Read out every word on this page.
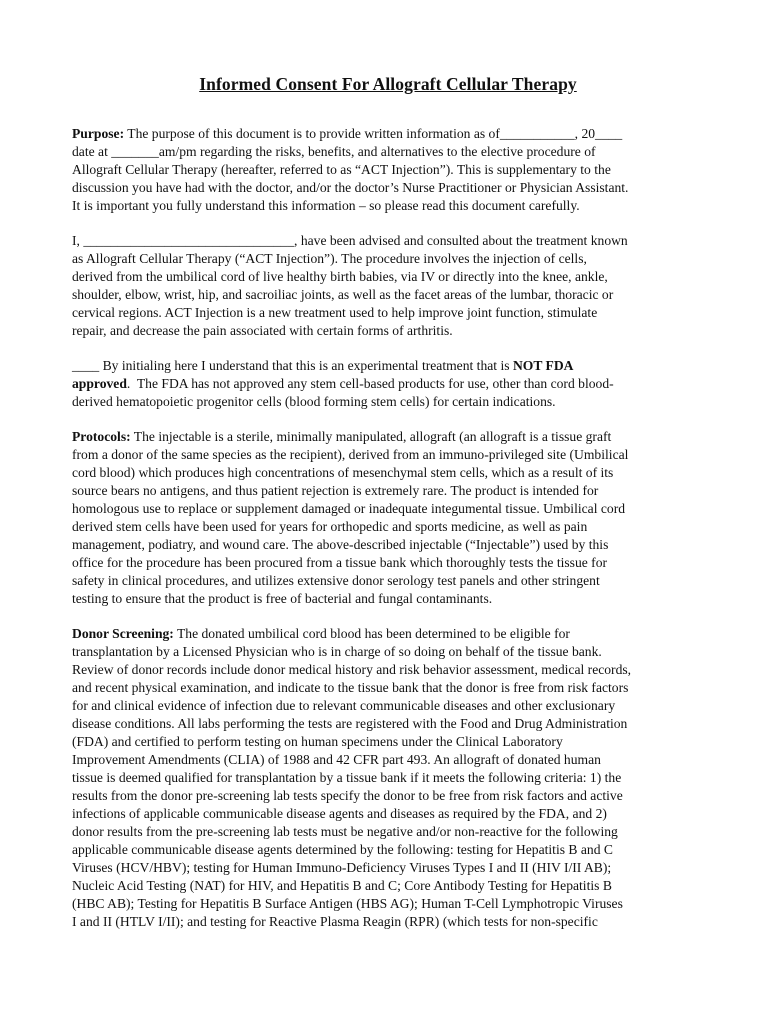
Informed Consent For Allograft Cellular Therapy
Purpose: The purpose of this document is to provide written information as of___________, 20____
date at _______am/pm regarding the risks, benefits, and alternatives to the elective procedure of
Allograft Cellular Therapy (hereafter, referred to as “ACT Injection”). This is supplementary to the
discussion you have had with the doctor, and/or the doctor’s Nurse Practitioner or Physician Assistant.
It is important you fully understand this information – so please read this document carefully.
I, _______________________________, have been advised and consulted about the treatment known
as Allograft Cellular Therapy (“ACT Injection”). The procedure involves the injection of cells,
derived from the umbilical cord of live healthy birth babies, via IV or directly into the knee, ankle,
shoulder, elbow, wrist, hip, and sacroiliac joints, as well as the facet areas of the lumbar, thoracic or
cervical regions. ACT Injection is a new treatment used to help improve joint function, stimulate
repair, and decrease the pain associated with certain forms of arthritis.
____ By initialing here I understand that this is an experimental treatment that is NOT FDA
approved.  The FDA has not approved any stem cell-based products for use, other than cord blood-
derived hematopoietic progenitor cells (blood forming stem cells) for certain indications.
Protocols: The injectable is a sterile, minimally manipulated, allograft (an allograft is a tissue graft
from a donor of the same species as the recipient), derived from an immuno-privileged site (Umbilical
cord blood) which produces high concentrations of mesenchymal stem cells, which as a result of its
source bears no antigens, and thus patient rejection is extremely rare. The product is intended for
homologous use to replace or supplement damaged or inadequate integumental tissue. Umbilical cord
derived stem cells have been used for years for orthopedic and sports medicine, as well as pain
management, podiatry, and wound care. The above-described injectable (“Injectable”) used by this
office for the procedure has been procured from a tissue bank which thoroughly tests the tissue for
safety in clinical procedures, and utilizes extensive donor serology test panels and other stringent
testing to ensure that the product is free of bacterial and fungal contaminants.
Donor Screening: The donated umbilical cord blood has been determined to be eligible for
transplantation by a Licensed Physician who is in charge of so doing on behalf of the tissue bank.
Review of donor records include donor medical history and risk behavior assessment, medical records,
and recent physical examination, and indicate to the tissue bank that the donor is free from risk factors
for and clinical evidence of infection due to relevant communicable diseases and other exclusionary
disease conditions. All labs performing the tests are registered with the Food and Drug Administration
(FDA) and certified to perform testing on human specimens under the Clinical Laboratory
Improvement Amendments (CLIA) of 1988 and 42 CFR part 493. An allograft of donated human
tissue is deemed qualified for transplantation by a tissue bank if it meets the following criteria: 1) the
results from the donor pre-screening lab tests specify the donor to be free from risk factors and active
infections of applicable communicable disease agents and diseases as required by the FDA, and 2)
donor results from the pre-screening lab tests must be negative and/or non-reactive for the following
applicable communicable disease agents determined by the following: testing for Hepatitis B and C
Viruses (HCV/HBV); testing for Human Immuno-Deficiency Viruses Types I and II (HIV I/II AB);
Nucleic Acid Testing (NAT) for HIV, and Hepatitis B and C; Core Antibody Testing for Hepatitis B
(HBC AB); Testing for Hepatitis B Surface Antigen (HBS AG); Human T-Cell Lymphotropic Viruses
I and II (HTLV I/II); and testing for Reactive Plasma Reagin (RPR) (which tests for non-specific
